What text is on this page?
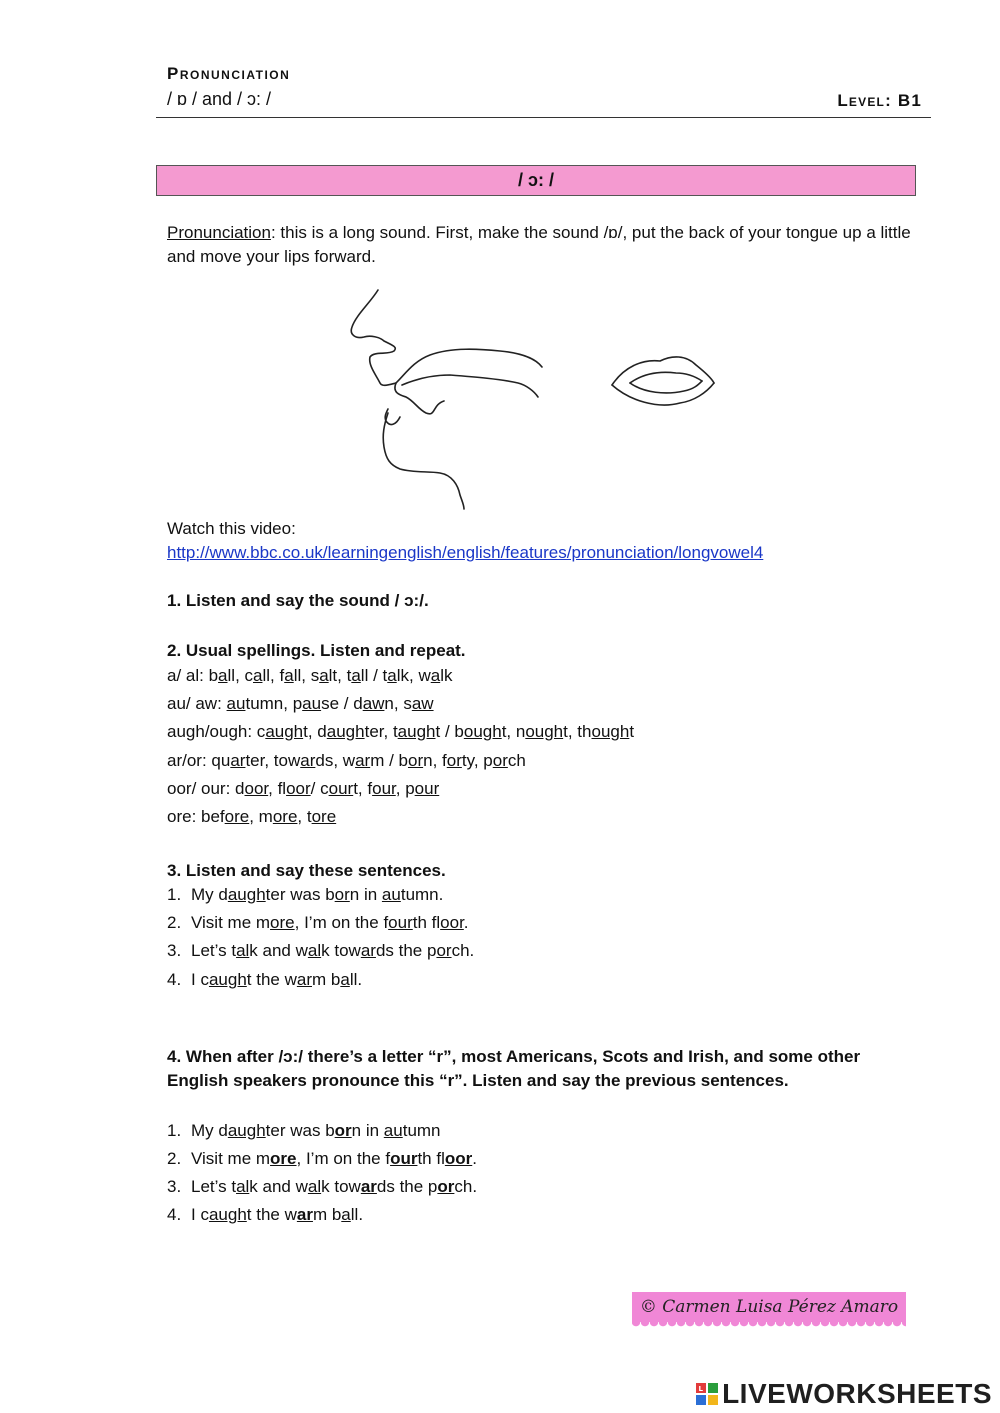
Pronunciation
/ ɒ / and / ɔ: /	Level: B1
/ ɔ: /
Pronunciation: this is a long sound. First, make the sound /ɒ/, put the back of your tongue up a little and move your lips forward.
Watch this video:
http://www.bbc.co.uk/learningenglish/english/features/pronunciation/longvowel4
1. Listen and say the sound / ɔ:/.
2. Usual spellings. Listen and repeat.
a/ al: ball, call, fall, salt, tall / talk, walk
au/ aw: autumn, pause / dawn, saw
augh/ough: caught, daughter, taught / bought, nought, thought
ar/or: quarter, towards, warm / born, forty, porch
oor/ our: door, floor/ court, four, pour
ore: before, more, tore
3. Listen and say these sentences.
1. My daughter was born in autumn.
2. Visit me more, I’m on the fourth floor.
3. Let’s talk and walk towards the porch.
4. I caught the warm ball.
4. When after /ɔ:/ there’s a letter “r”, most Americans, Scots and Irish, and some other
English speakers pronounce this “r”. Listen and say the previous sentences.
1. My daughter was born in autumn
2. Visit me more, I’m on the fourth floor.
3. Let’s talk and walk towards the porch.
4. I caught the warm ball.
© Carmen Luisa Pérez Amaro
L LIVEWORKSHEETS
